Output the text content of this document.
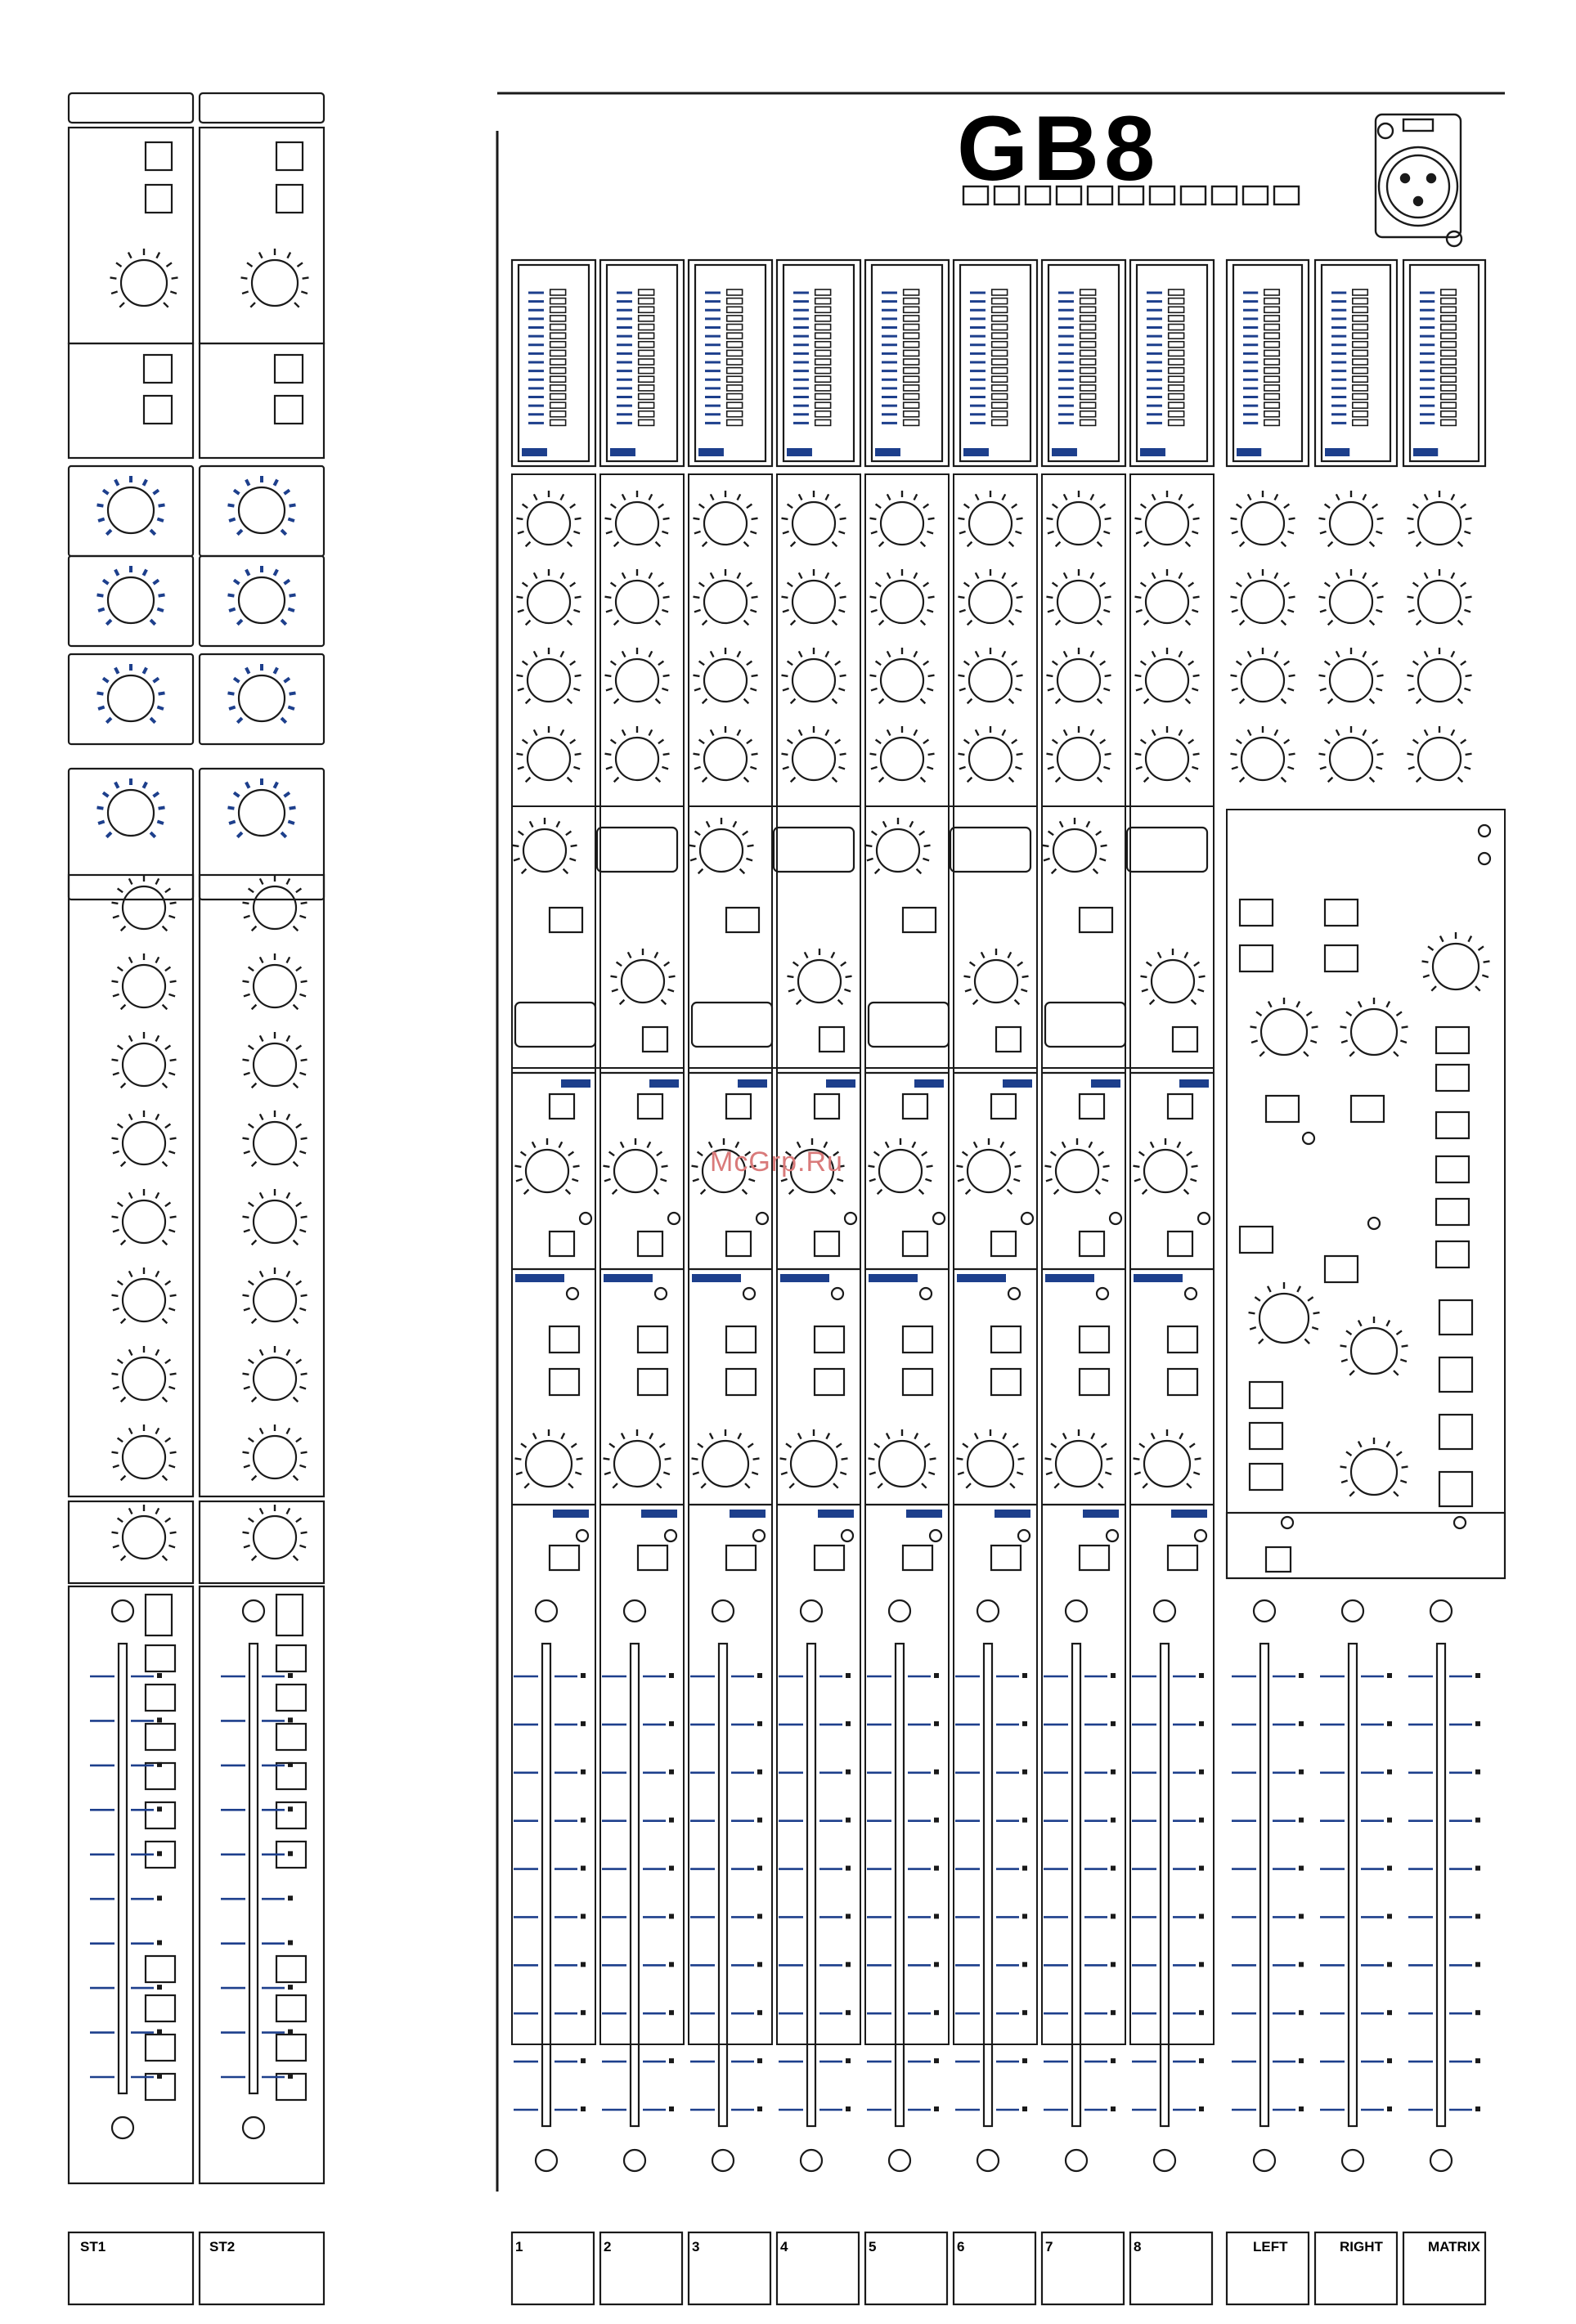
GB8
McGrp.Ru
ST1	ST2	1	2	3	4	5	6	7	8	LEFT	RIGHT	MATRIX
